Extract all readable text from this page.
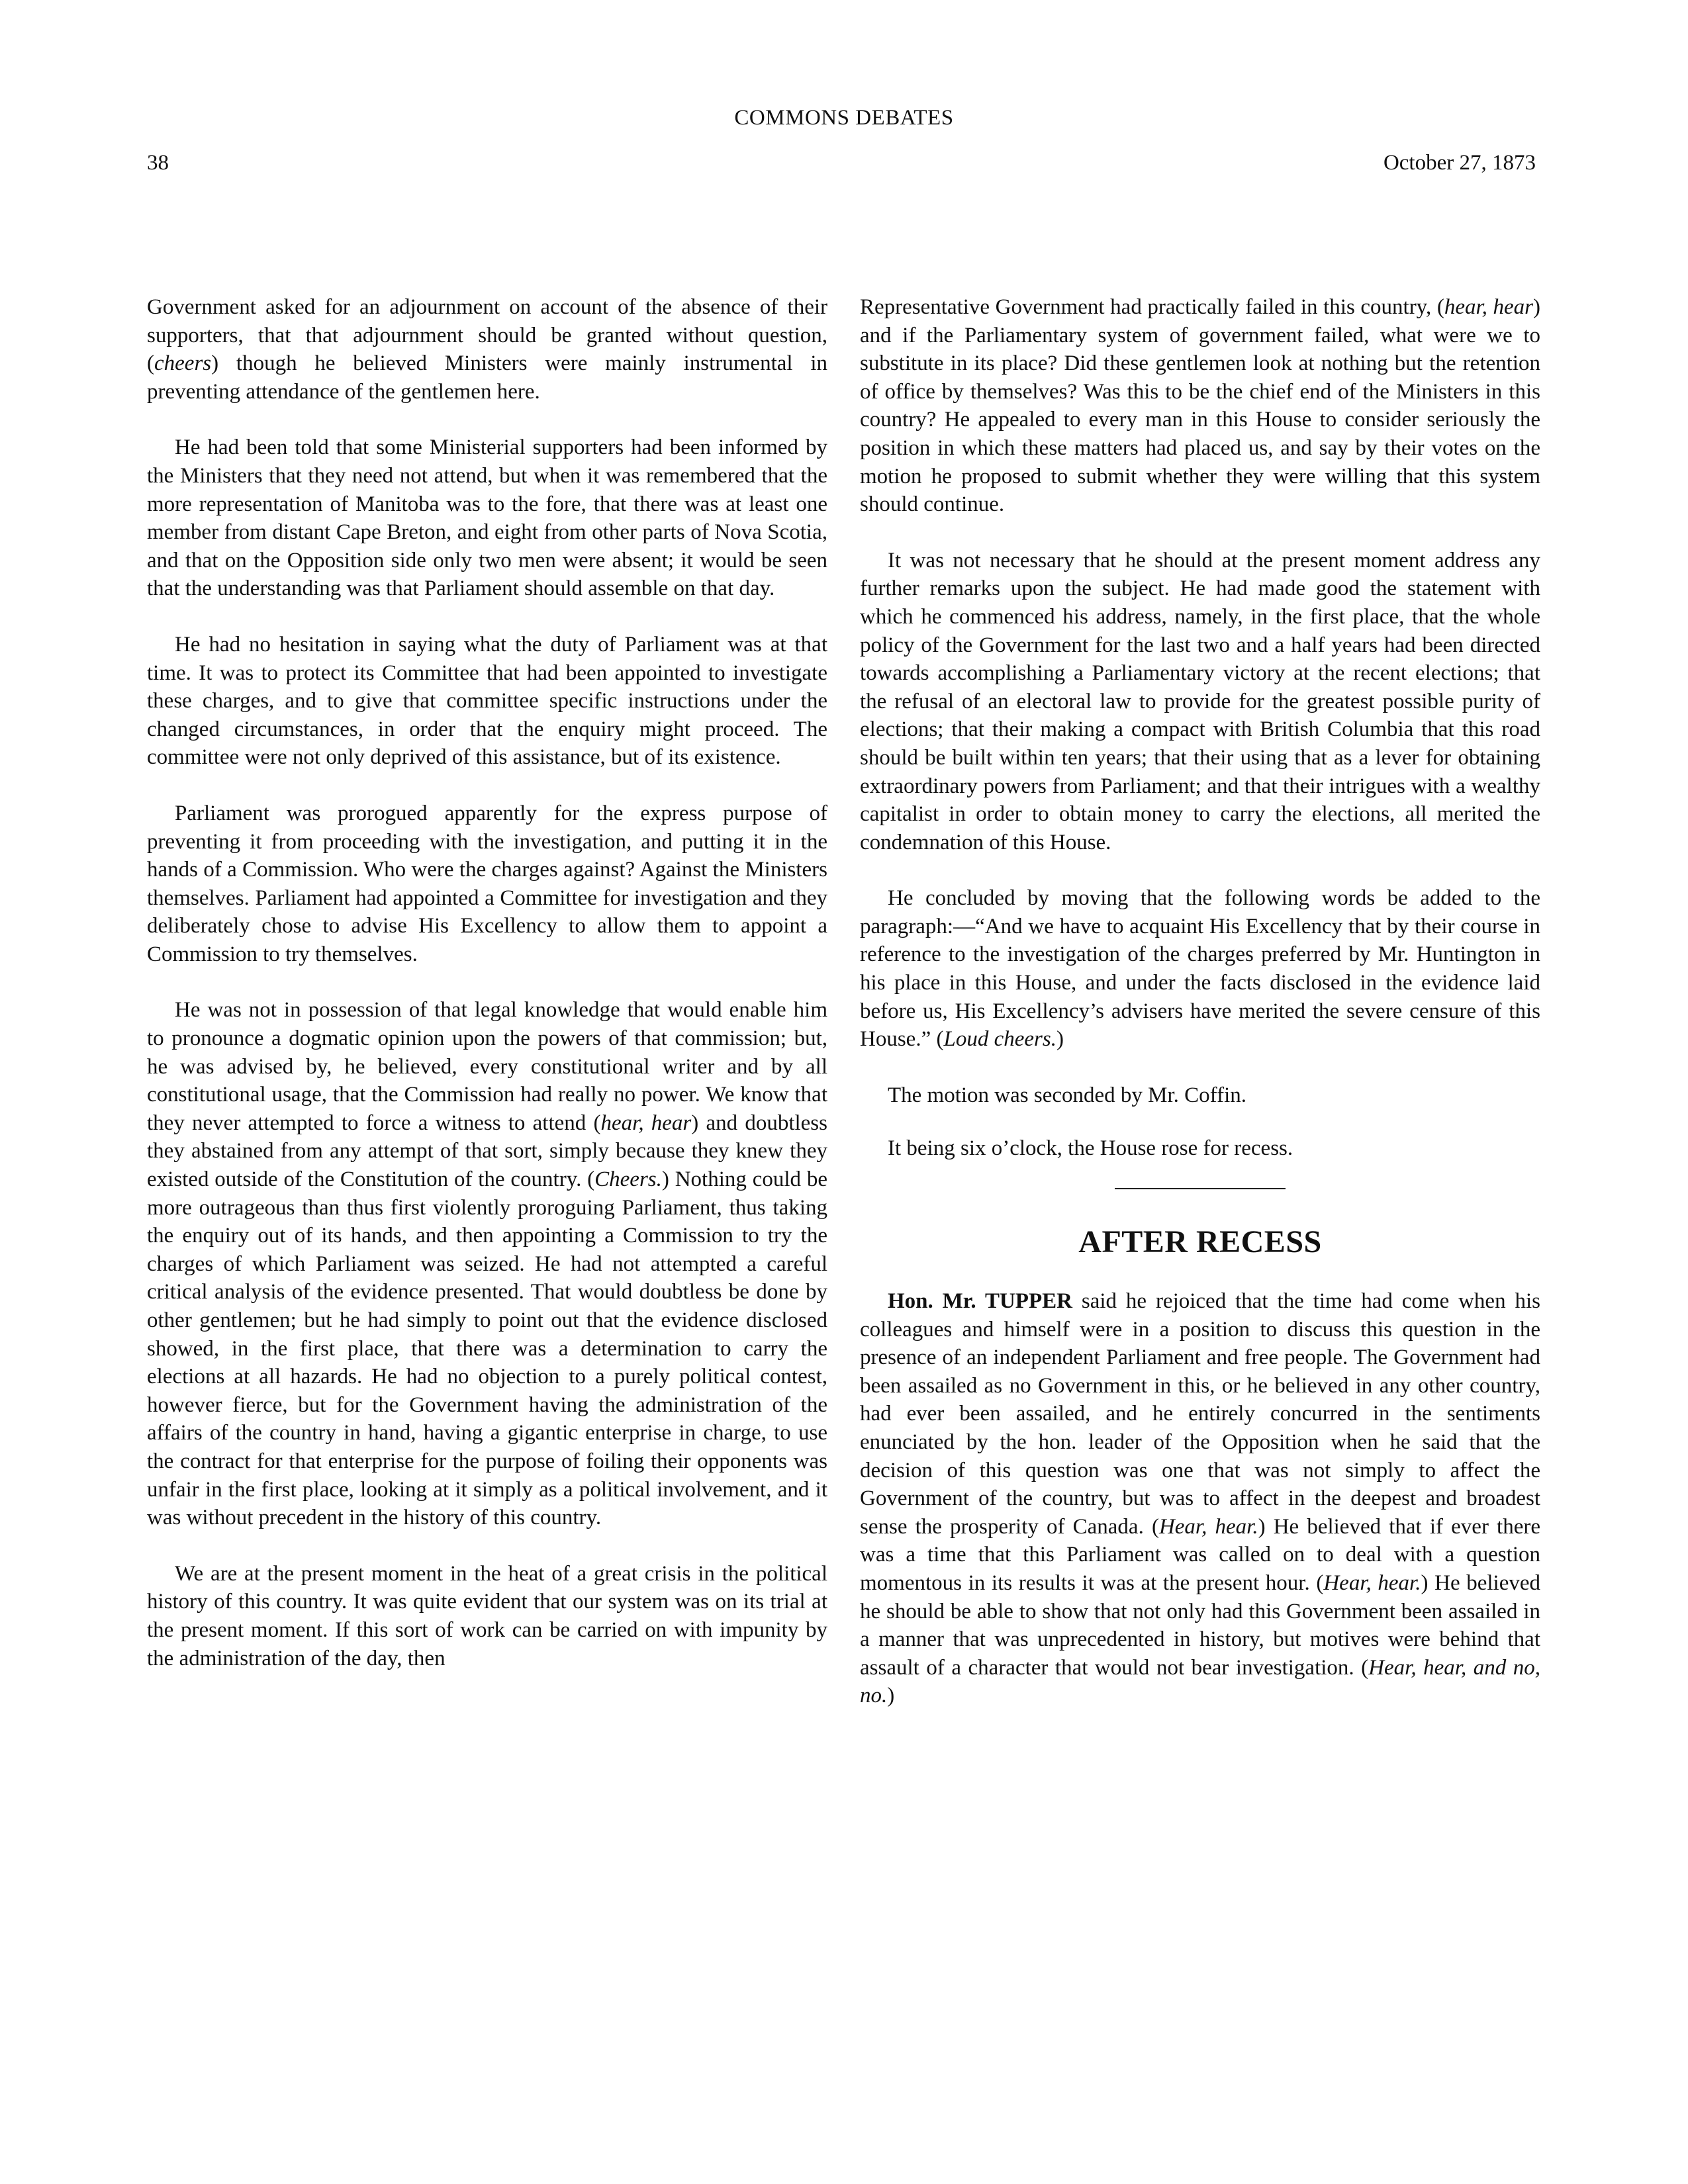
COMMONS DEBATES
38	October 27, 1873

Government asked for an adjournment on account of the absence of their supporters, that that adjournment should be granted without question, (cheers) though he believed Ministers were mainly instrumental in preventing attendance of the gentlemen here.

He had been told that some Ministerial supporters had been informed by the Ministers that they need not attend, but when it was remembered that the more representation of Manitoba was to the fore, that there was at least one member from distant Cape Breton, and eight from other parts of Nova Scotia, and that on the Opposition side only two men were absent; it would be seen that the understanding was that Parliament should assemble on that day.

He had no hesitation in saying what the duty of Parliament was at that time. It was to protect its Committee that had been appointed to investigate these charges, and to give that committee specific instructions under the changed circumstances, in order that the enquiry might proceed. The committee were not only deprived of this assistance, but of its existence.

Parliament was prorogued apparently for the express purpose of preventing it from proceeding with the investigation, and putting it in the hands of a Commission. Who were the charges against? Against the Ministers themselves. Parliament had appointed a Committee for investigation and they deliberately chose to advise His Excellency to allow them to appoint a Commission to try themselves.

He was not in possession of that legal knowledge that would enable him to pronounce a dogmatic opinion upon the powers of that commission; but, he was advised by, he believed, every constitutional writer and by all constitutional usage, that the Commission had really no power. We know that they never attempted to force a witness to attend (hear, hear) and doubtless they abstained from any attempt of that sort, simply because they knew they existed outside of the Constitution of the country. (Cheers.) Nothing could be more outrageous than thus first violently proroguing Parliament, thus taking the enquiry out of its hands, and then appointing a Commission to try the charges of which Parliament was seized. He had not attempted a careful critical analysis of the evidence presented. That would doubtless be done by other gentlemen; but he had simply to point out that the evidence disclosed showed, in the first place, that there was a determination to carry the elections at all hazards. He had no objection to a purely political contest, however fierce, but for the Government having the administration of the affairs of the country in hand, having a gigantic enterprise in charge, to use the contract for that enterprise for the purpose of foiling their opponents was unfair in the first place, looking at it simply as a political involvement, and it was without precedent in the history of this country.

We are at the present moment in the heat of a great crisis in the political history of this country. It was quite evident that our system was on its trial at the present moment. If this sort of work can be carried on with impunity by the administration of the day, then

Representative Government had practically failed in this country, (hear, hear) and if the Parliamentary system of government failed, what were we to substitute in its place? Did these gentlemen look at nothing but the retention of office by themselves? Was this to be the chief end of the Ministers in this country? He appealed to every man in this House to consider seriously the position in which these matters had placed us, and say by their votes on the motion he proposed to submit whether they were willing that this system should continue.

It was not necessary that he should at the present moment address any further remarks upon the subject. He had made good the statement with which he commenced his address, namely, in the first place, that the whole policy of the Government for the last two and a half years had been directed towards accomplishing a Parliamentary victory at the recent elections; that the refusal of an electoral law to provide for the greatest possible purity of elections; that their making a compact with British Columbia that this road should be built within ten years; that their using that as a lever for obtaining extraordinary powers from Parliament; and that their intrigues with a wealthy capitalist in order to obtain money to carry the elections, all merited the condemnation of this House.

He concluded by moving that the following words be added to the paragraph:—“And we have to acquaint His Excellency that by their course in reference to the investigation of the charges preferred by Mr. Huntington in his place in this House, and under the facts disclosed in the evidence laid before us, His Excellency’s advisers have merited the severe censure of this House.” (Loud cheers.)

The motion was seconded by Mr. Coffin.

It being six o’clock, the House rose for recess.

AFTER RECESS

Hon. Mr. TUPPER said he rejoiced that the time had come when his colleagues and himself were in a position to discuss this question in the presence of an independent Parliament and free people. The Government had been assailed as no Government in this, or he believed in any other country, had ever been assailed, and he entirely concurred in the sentiments enunciated by the hon. leader of the Opposition when he said that the decision of this question was one that was not simply to affect the Government of the country, but was to affect in the deepest and broadest sense the prosperity of Canada. (Hear, hear.) He believed that if ever there was a time that this Parliament was called on to deal with a question momentous in its results it was at the present hour. (Hear, hear.) He believed he should be able to show that not only had this Government been assailed in a manner that was unprecedented in history, but motives were behind that assault of a character that would not bear investigation. (Hear, hear, and no, no.)
